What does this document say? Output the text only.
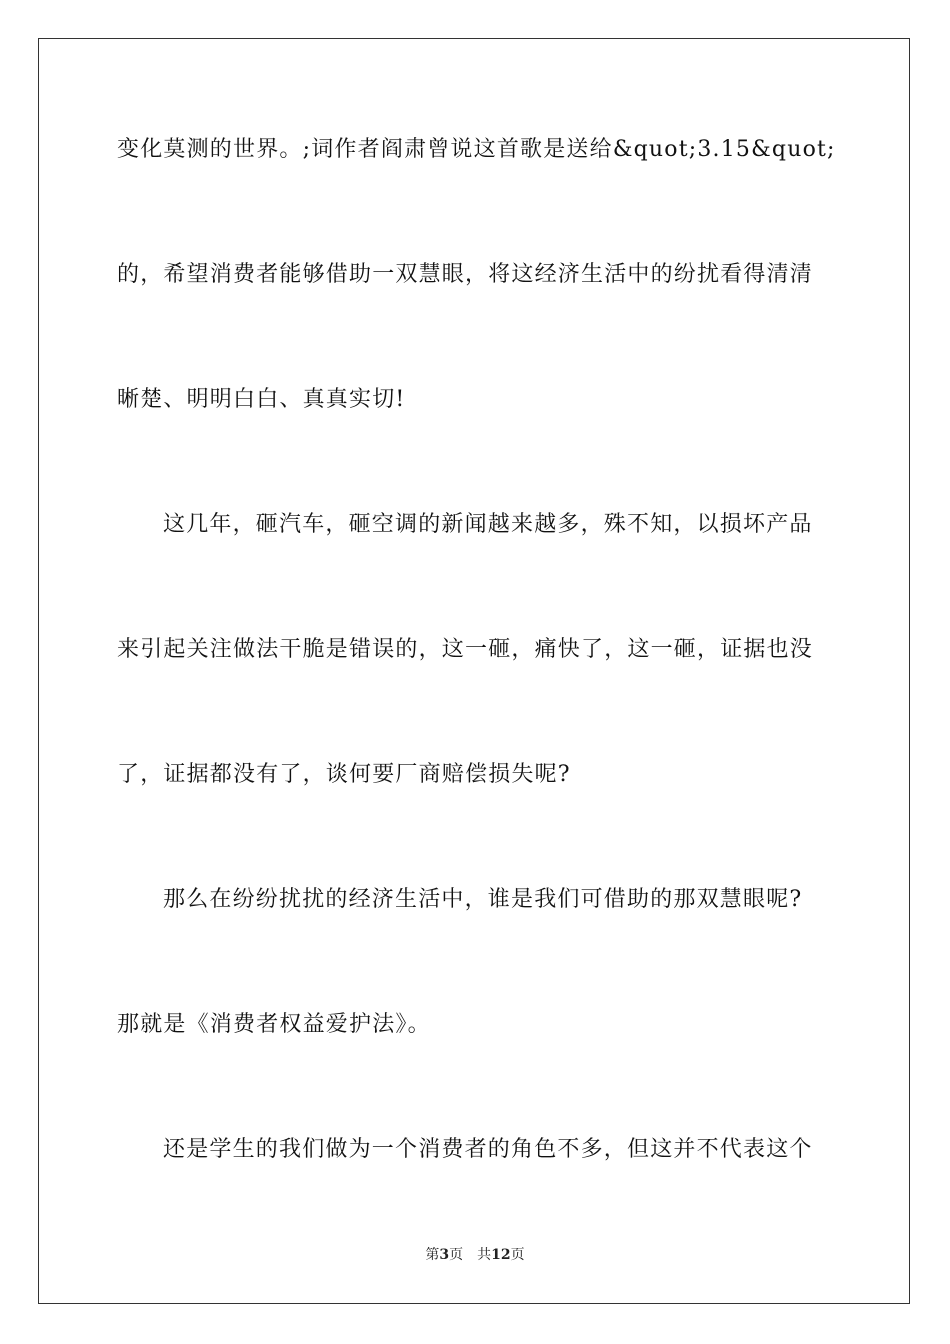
变化莫测的世界。;词作者阎肃曾说这首歌是送给&quot;3.15&quot;
的，希望消费者能够借助一双慧眼，将这经济生活中的纷扰看得清清
晰楚、明明白白、真真实切!
这几年，砸汽车，砸空调的新闻越来越多，殊不知，以损坏产品
来引起关注做法干脆是错误的，这一砸，痛快了，这一砸，证据也没
了，证据都没有了，谈何要厂商赔偿损失呢?
那么在纷纷扰扰的经济生活中，谁是我们可借助的那双慧眼呢?
那就是《消费者权益爱护法》。
还是学生的我们做为一个消费者的角色不多，但这并不代表这个
第3页 共12页
